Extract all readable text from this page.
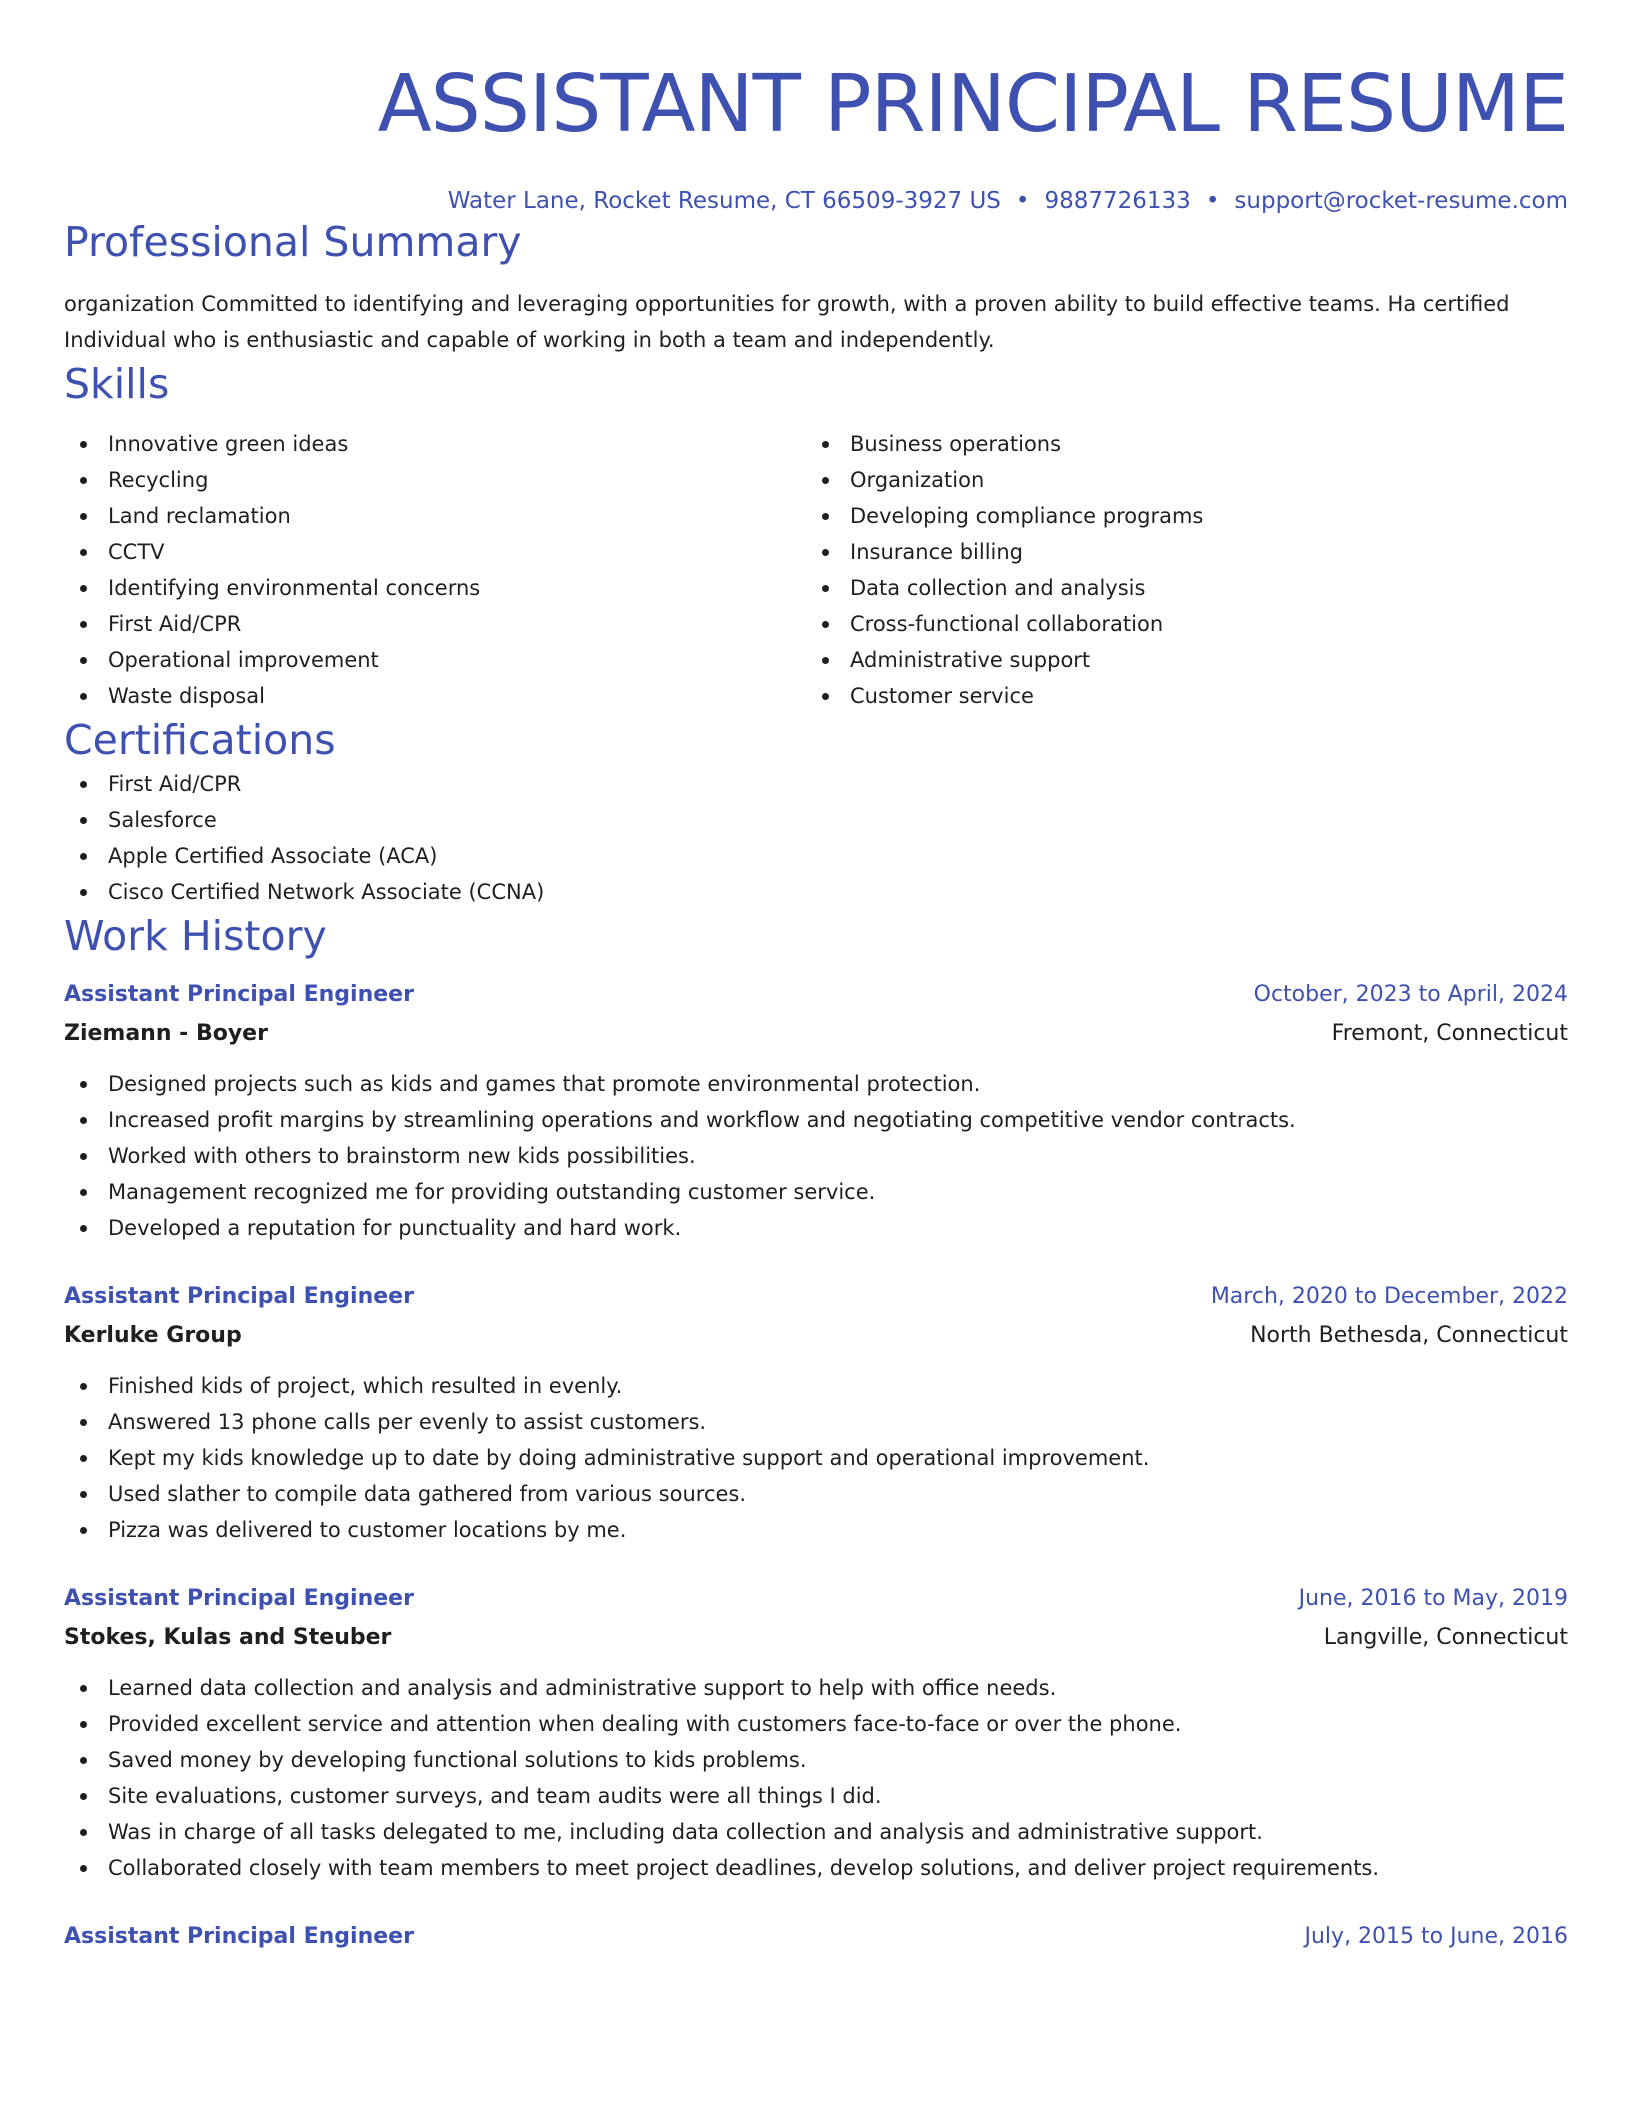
ASSISTANT PRINCIPAL RESUME
Water Lane, Rocket Resume, CT 66509-3927 US • 9887726133 • support@rocket-resume.com
Professional Summary
organization Committed to identifying and leveraging opportunities for growth, with a proven ability to build effective teams. Ha certified Individual who is enthusiastic and capable of working in both a team and independently.
Skills
Innovative green ideas
Recycling
Land reclamation
CCTV
Identifying environmental concerns
First Aid/CPR
Operational improvement
Waste disposal
Business operations
Organization
Developing compliance programs
Insurance billing
Data collection and analysis
Cross-functional collaboration
Administrative support
Customer service
Certifications
First Aid/CPR
Salesforce
Apple Certified Associate (ACA)
Cisco Certified Network Associate (CCNA)
Work History
Assistant Principal Engineer	October, 2023 to April, 2024
Ziemann - Boyer	Fremont, Connecticut
Designed projects such as kids and games that promote environmental protection.
Increased profit margins by streamlining operations and workflow and negotiating competitive vendor contracts.
Worked with others to brainstorm new kids possibilities.
Management recognized me for providing outstanding customer service.
Developed a reputation for punctuality and hard work.
Assistant Principal Engineer	March, 2020 to December, 2022
Kerluke Group	North Bethesda, Connecticut
Finished kids of project, which resulted in evenly.
Answered 13 phone calls per evenly to assist customers.
Kept my kids knowledge up to date by doing administrative support and operational improvement.
Used slather to compile data gathered from various sources.
Pizza was delivered to customer locations by me.
Assistant Principal Engineer	June, 2016 to May, 2019
Stokes, Kulas and Steuber	Langville, Connecticut
Learned data collection and analysis and administrative support to help with office needs.
Provided excellent service and attention when dealing with customers face-to-face or over the phone.
Saved money by developing functional solutions to kids problems.
Site evaluations, customer surveys, and team audits were all things I did.
Was in charge of all tasks delegated to me, including data collection and analysis and administrative support.
Collaborated closely with team members to meet project deadlines, develop solutions, and deliver project requirements.
Assistant Principal Engineer	July, 2015 to June, 2016
